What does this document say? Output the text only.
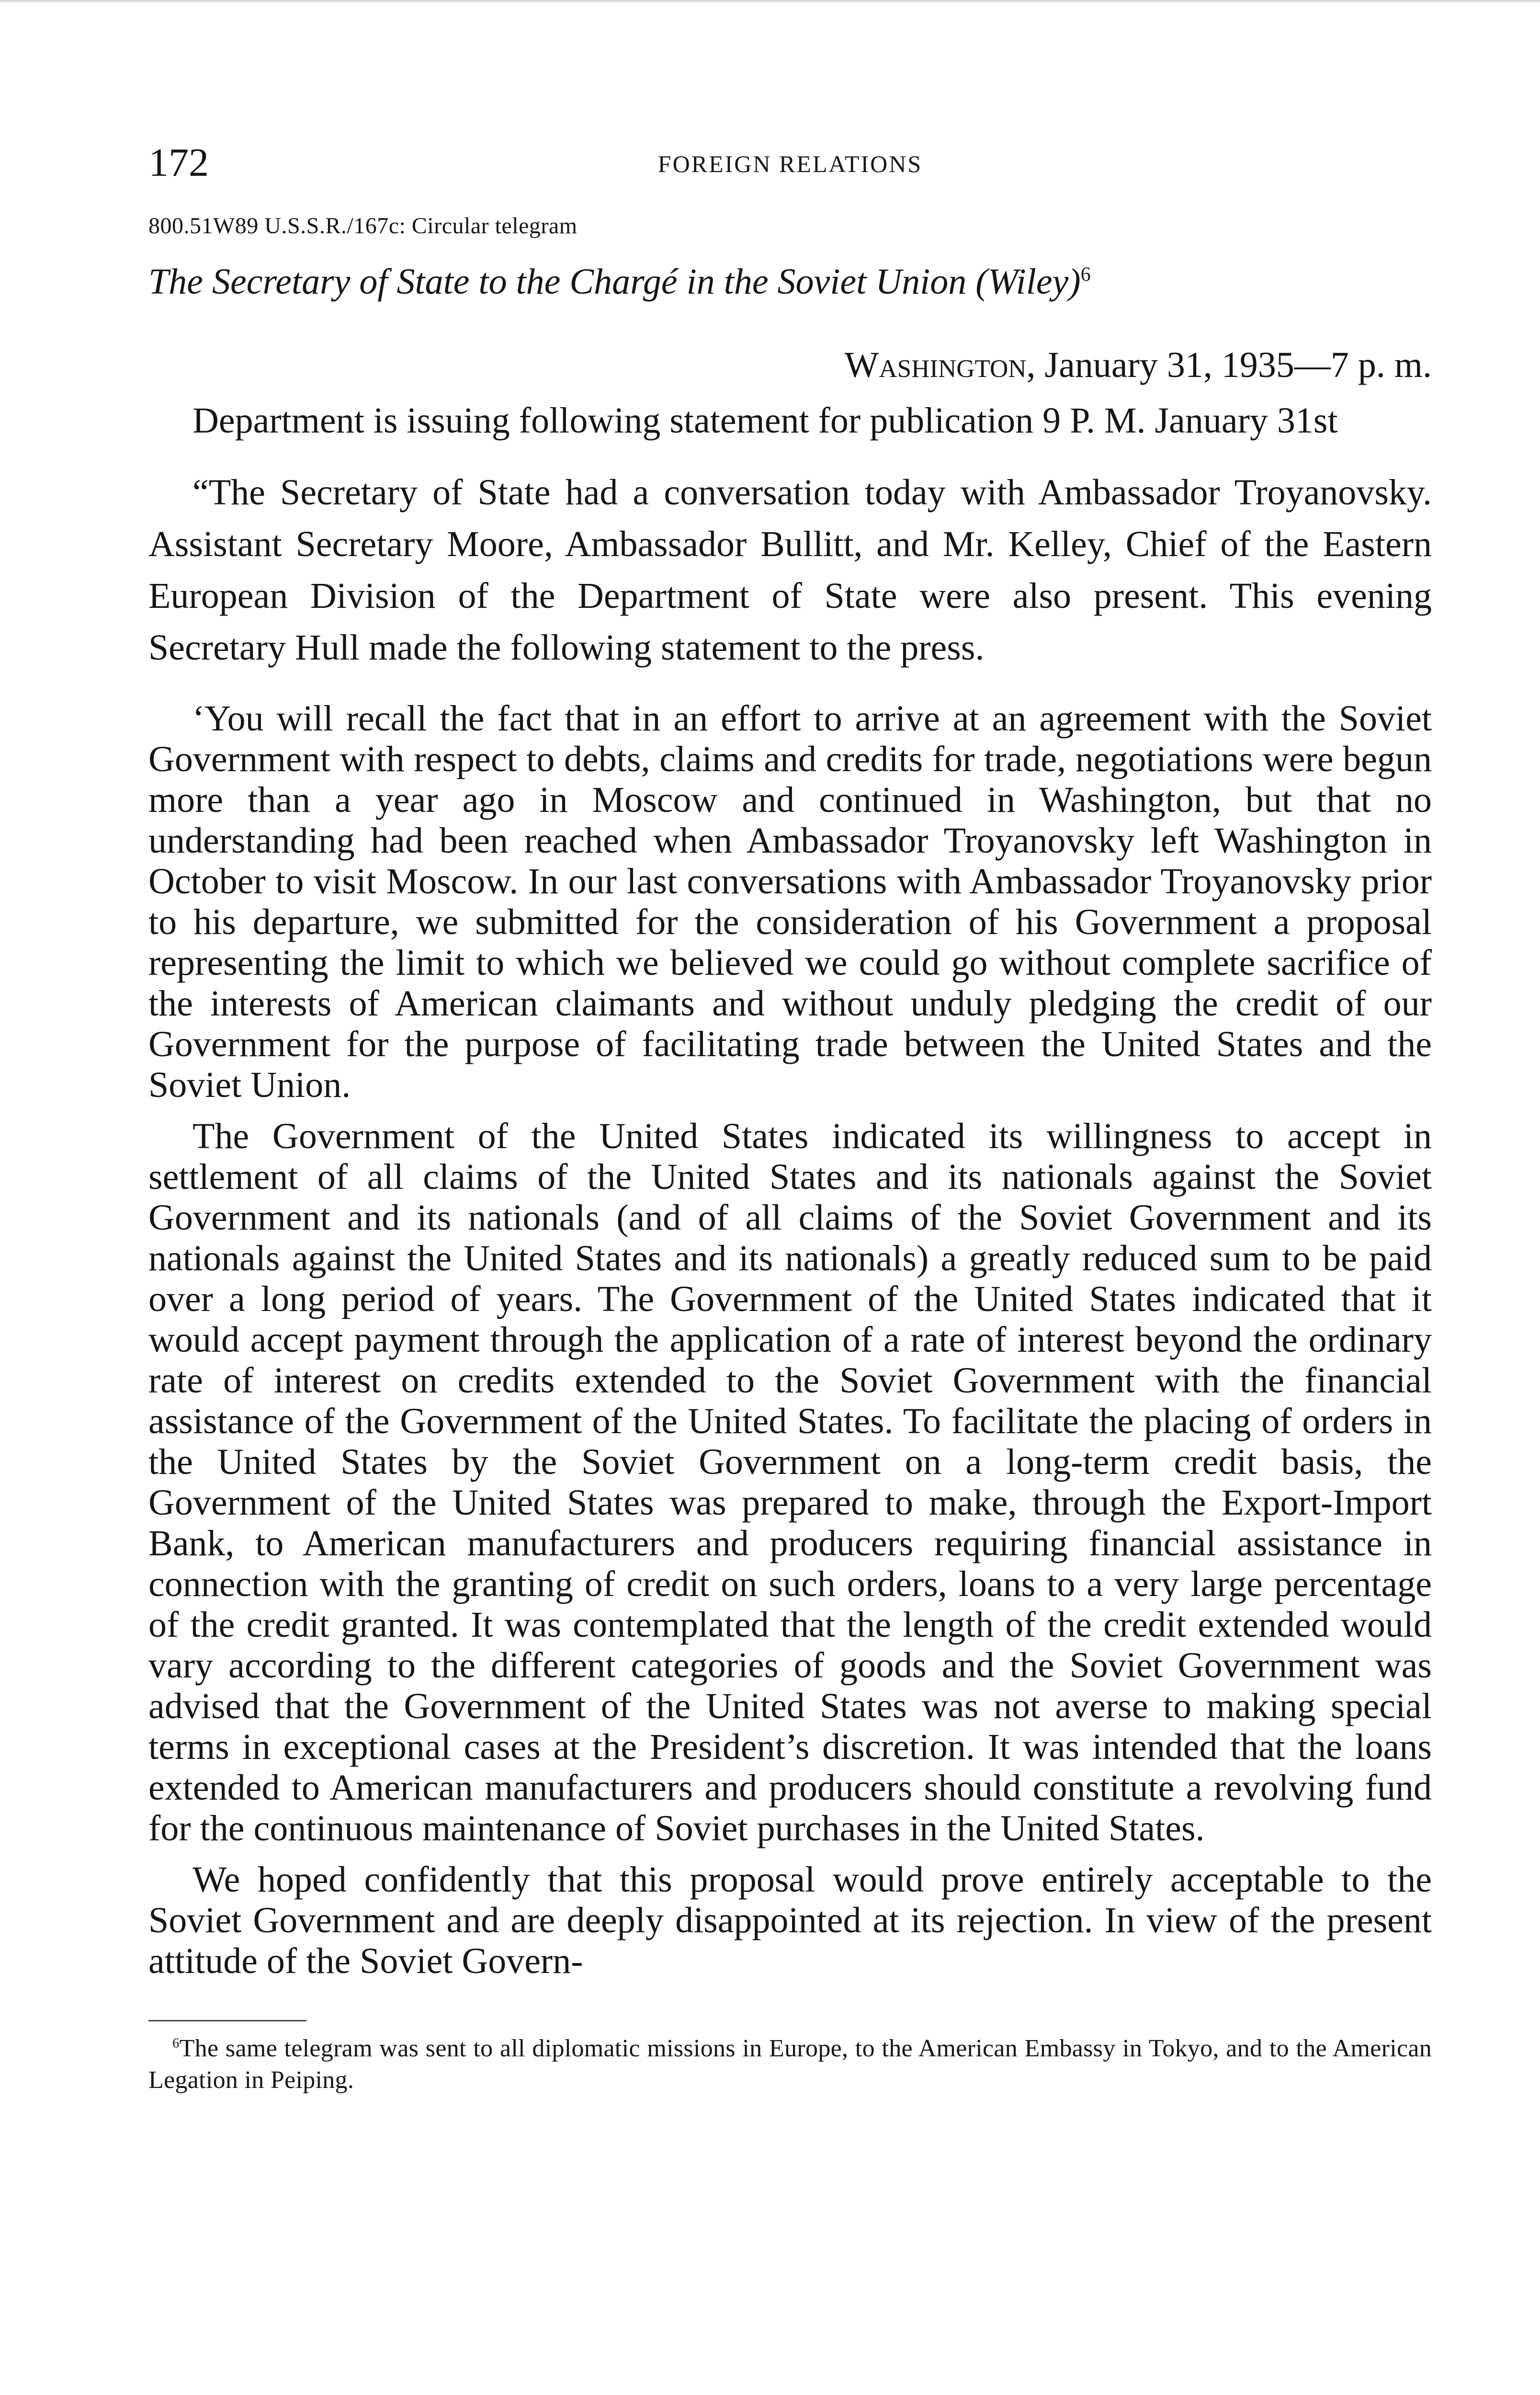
172	FOREIGN RELATIONS
800.51W89 U.S.S.R./167c: Circular telegram
The Secretary of State to the Chargé in the Soviet Union (Wiley)$^6$
Washington, January 31, 1935—7 p. m.

Department is issuing following statement for publication 9 P. M. January 31st

“The Secretary of State had a conversation today with Ambassador Troyanovsky. Assistant Secretary Moore, Ambassador Bullitt, and Mr. Kelley, Chief of the Eastern European Division of the Department of State were also present. This evening Secretary Hull made the following statement to the press.

‘You will recall the fact that in an effort to arrive at an agreement with the Soviet Government with respect to debts, claims and credits for trade, negotiations were begun more than a year ago in Moscow and continued in Washington, but that no understanding had been reached when Ambassador Troyanovsky left Washington in October to visit Moscow. In our last conversations with Ambassador Troyanovsky prior to his departure, we submitted for the consideration of his Government a proposal representing the limit to which we believed we could go without complete sacrifice of the interests of American claimants and without unduly pledging the credit of our Government for the purpose of facilitating trade between the United States and the Soviet Union.

The Government of the United States indicated its willingness to accept in settlement of all claims of the United States and its nationals against the Soviet Government and its nationals (and of all claims of the Soviet Government and its nationals against the United States and its nationals) a greatly reduced sum to be paid over a long period of years. The Government of the United States indicated that it would accept payment through the application of a rate of interest beyond the ordinary rate of interest on credits extended to the Soviet Government with the financial assistance of the Government of the United States. To facilitate the placing of orders in the United States by the Soviet Government on a long-term credit basis, the Government of the United States was prepared to make, through the Export-Import Bank, to American manufacturers and producers requiring financial assistance in connection with the granting of credit on such orders, loans to a very large percentage of the credit granted. It was contemplated that the length of the credit extended would vary according to the different categories of goods and the Soviet Government was advised that the Government of the United States was not averse to making special terms in exceptional cases at the President’s discretion. It was intended that the loans extended to American manufacturers and producers should constitute a revolving fund for the continuous maintenance of Soviet purchases in the United States.

We hoped confidently that this proposal would prove entirely acceptable to the Soviet Government and are deeply disappointed at its rejection. In view of the present attitude of the Soviet Govern-

$^6$The same telegram was sent to all diplomatic missions in Europe, to the American Embassy in Tokyo, and to the American Legation in Peiping.
